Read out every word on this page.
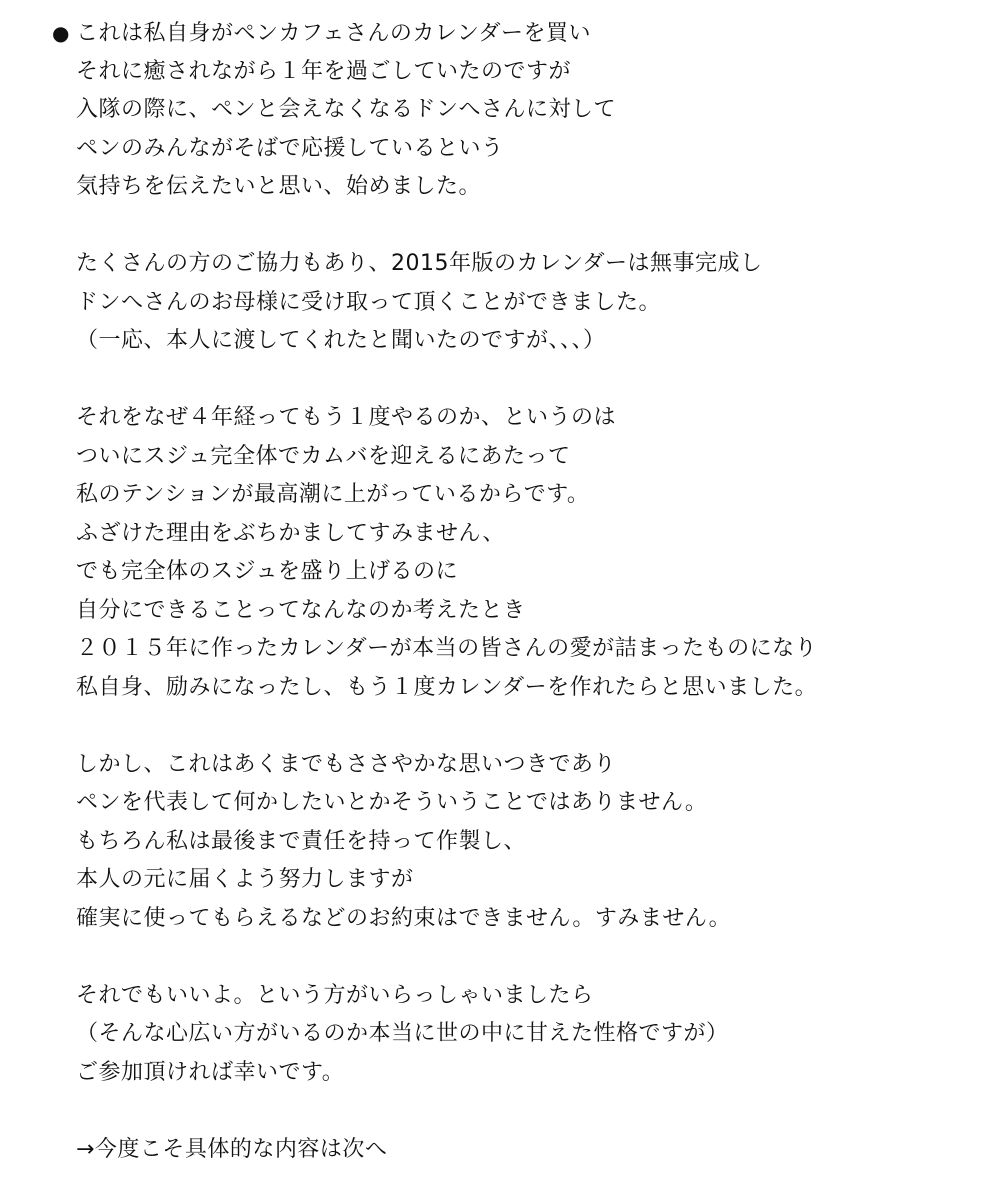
● これは私自身がペンカフェさんのカレンダーを買い
それに癒されながら１年を過ごしていたのですが
入隊の際に、ペンと会えなくなるドンへさんに対して
ペンのみんながそばで応援しているという
気持ちを伝えたいと思い、始めました。
たくさんの方のご協力もあり、2015年版のカレンダーは無事完成し
ドンへさんのお母様に受け取って頂くことができました。
（一応、本人に渡してくれたと聞いたのですが、、、）
それをなぜ４年経ってもう１度やるのか、というのは
ついにスジュ完全体でカムバを迎えるにあたって
私のテンションが最高潮に上がっているからです。
ふざけた理由をぶちかましてすみません、
でも完全体のスジュを盛り上げるのに
自分にできることってなんなのか考えたとき
２０１５年に作ったカレンダーが本当の皆さんの愛が詰まったものになり
私自身、励みになったし、もう１度カレンダーを作れたらと思いました。
しかし、これはあくまでもささやかな思いつきであり
ペンを代表して何かしたいとかそういうことではありません。
もちろん私は最後まで責任を持って作製し、
本人の元に届くよう努力しますが
確実に使ってもらえるなどのお約束はできません。すみません。
それでもいいよ。という方がいらっしゃいましたら
（そんな心広い方がいるのか本当に世の中に甘えた性格ですが）
ご参加頂ければ幸いです。
→今度こそ具体的な内容は次へ
